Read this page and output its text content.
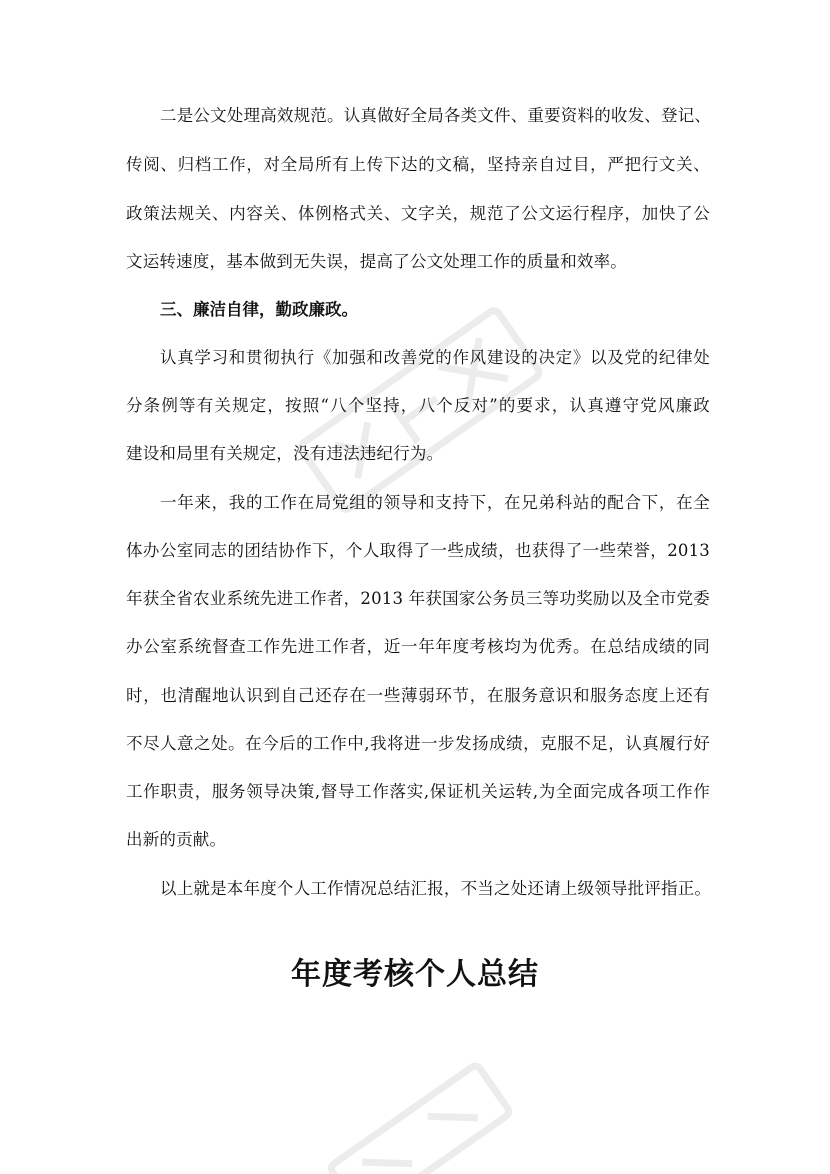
二是公文处理高效规范。认真做好全局各类文件、重要资料的收发、登记、
传阅、归档工作，对全局所有上传下达的文稿，坚持亲自过目，严把行文关、
政策法规关、内容关、体例格式关、文字关，规范了公文运行程序，加快了公
文运转速度，基本做到无失误，提高了公文处理工作的质量和效率。
三、廉洁自律，勤政廉政。
认真学习和贯彻执行《加强和改善党的作风建设的决定》以及党的纪律处
分条例等有关规定，按照“八个坚持，八个反对”的要求，认真遵守党风廉政
建设和局里有关规定，没有违法违纪行为。
一年来，我的工作在局党组的领导和支持下，在兄弟科站的配合下，在全
体办公室同志的团结协作下，个人取得了一些成绩，也获得了一些荣誉，2013
年获全省农业系统先进工作者，2013 年获国家公务员三等功奖励以及全市党委
办公室系统督查工作先进工作者，近一年年度考核均为优秀。在总结成绩的同
时，也清醒地认识到自己还存在一些薄弱环节，在服务意识和服务态度上还有
不尽人意之处。在今后的工作中,我将进一步发扬成绩，克服不足，认真履行好
工作职责，服务领导决策,督导工作落实,保证机关运转,为全面完成各项工作作
出新的贡献。
以上就是本年度个人工作情况总结汇报，不当之处还请上级领导批评指正。
年度考核个人总结
